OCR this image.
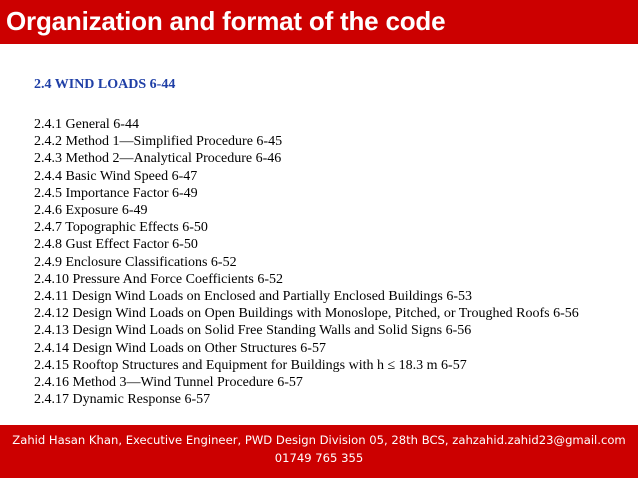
Organization and format of the code
2.4 WIND LOADS 6-44
2.4.1 General 6-44
2.4.2 Method 1—Simplified Procedure 6-45
2.4.3 Method 2—Analytical Procedure 6-46
2.4.4 Basic Wind Speed 6-47
2.4.5 Importance Factor 6-49
2.4.6 Exposure 6-49
2.4.7 Topographic Effects 6-50
2.4.8 Gust Effect Factor 6-50
2.4.9 Enclosure Classifications 6-52
2.4.10 Pressure And Force Coefficients 6-52
2.4.11 Design Wind Loads on Enclosed and Partially Enclosed Buildings 6-53
2.4.12 Design Wind Loads on Open Buildings with Monoslope, Pitched, or Troughed Roofs 6-56
2.4.13 Design Wind Loads on Solid Free Standing Walls and Solid Signs 6-56
2.4.14 Design Wind Loads on Other Structures 6-57
2.4.15 Rooftop Structures and Equipment for Buildings with h ≤ 18.3 m 6-57
2.4.16 Method 3—Wind Tunnel Procedure 6-57
2.4.17 Dynamic Response 6-57
Zahid Hasan Khan, Executive Engineer, PWD Design Division 05, 28th BCS, zahzahid.zahid23@gmail.com
01749 765 355
